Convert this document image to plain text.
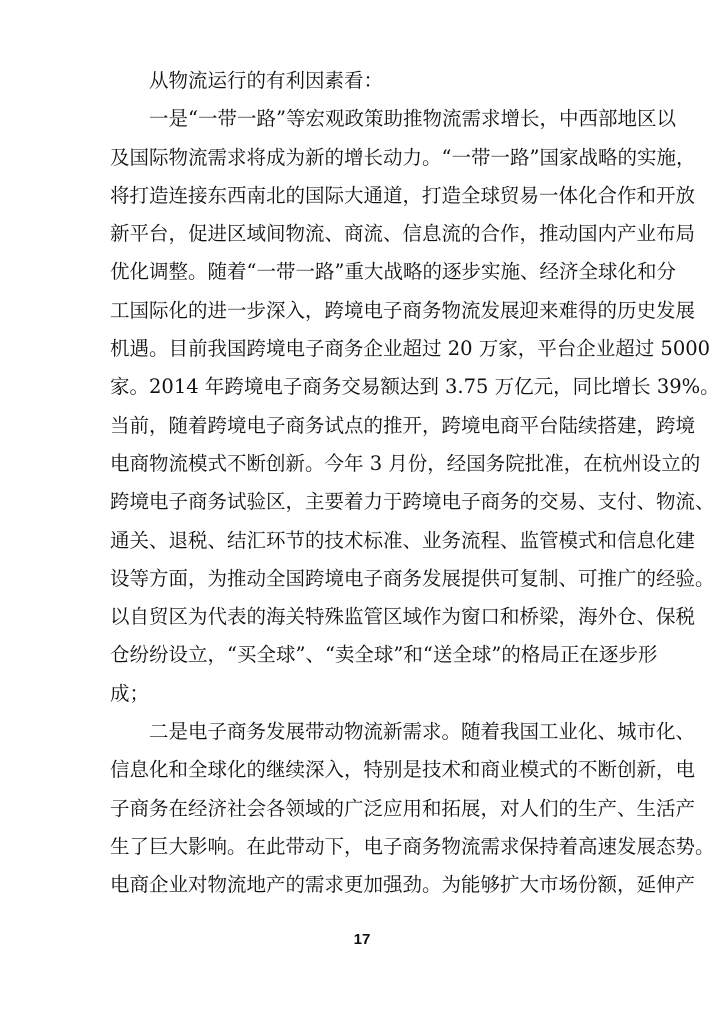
从物流运行的有利因素看：
一是“一带一路”等宏观政策助推物流需求增长，中西部地区以
及国际物流需求将成为新的增长动力。“一带一路”国家战略的实施，
将打造连接东西南北的国际大通道，打造全球贸易一体化合作和开放
新平台，促进区域间物流、商流、信息流的合作，推动国内产业布局
优化调整。随着“一带一路”重大战略的逐步实施、经济全球化和分
工国际化的进一步深入，跨境电子商务物流发展迎来难得的历史发展
机遇。目前我国跨境电子商务企业超过 20 万家，平台企业超过 5000
家。2014 年跨境电子商务交易额达到 3.75 万亿元，同比增长 39%。
当前，随着跨境电子商务试点的推开，跨境电商平台陆续搭建，跨境
电商物流模式不断创新。今年 3 月份，经国务院批准，在杭州设立的
跨境电子商务试验区，主要着力于跨境电子商务的交易、支付、物流、
通关、退税、结汇环节的技术标准、业务流程、监管模式和信息化建
设等方面，为推动全国跨境电子商务发展提供可复制、可推广的经验。
以自贸区为代表的海关特殊监管区域作为窗口和桥梁，海外仓、保税
仓纷纷设立，“买全球”、“卖全球”和“送全球”的格局正在逐步形
成；
二是电子商务发展带动物流新需求。随着我国工业化、城市化、
信息化和全球化的继续深入，特别是技术和商业模式的不断创新，电
子商务在经济社会各领域的广泛应用和拓展，对人们的生产、生活产
生了巨大影响。在此带动下，电子商务物流需求保持着高速发展态势。
电商企业对物流地产的需求更加强劲。为能够扩大市场份额，延伸产
17
